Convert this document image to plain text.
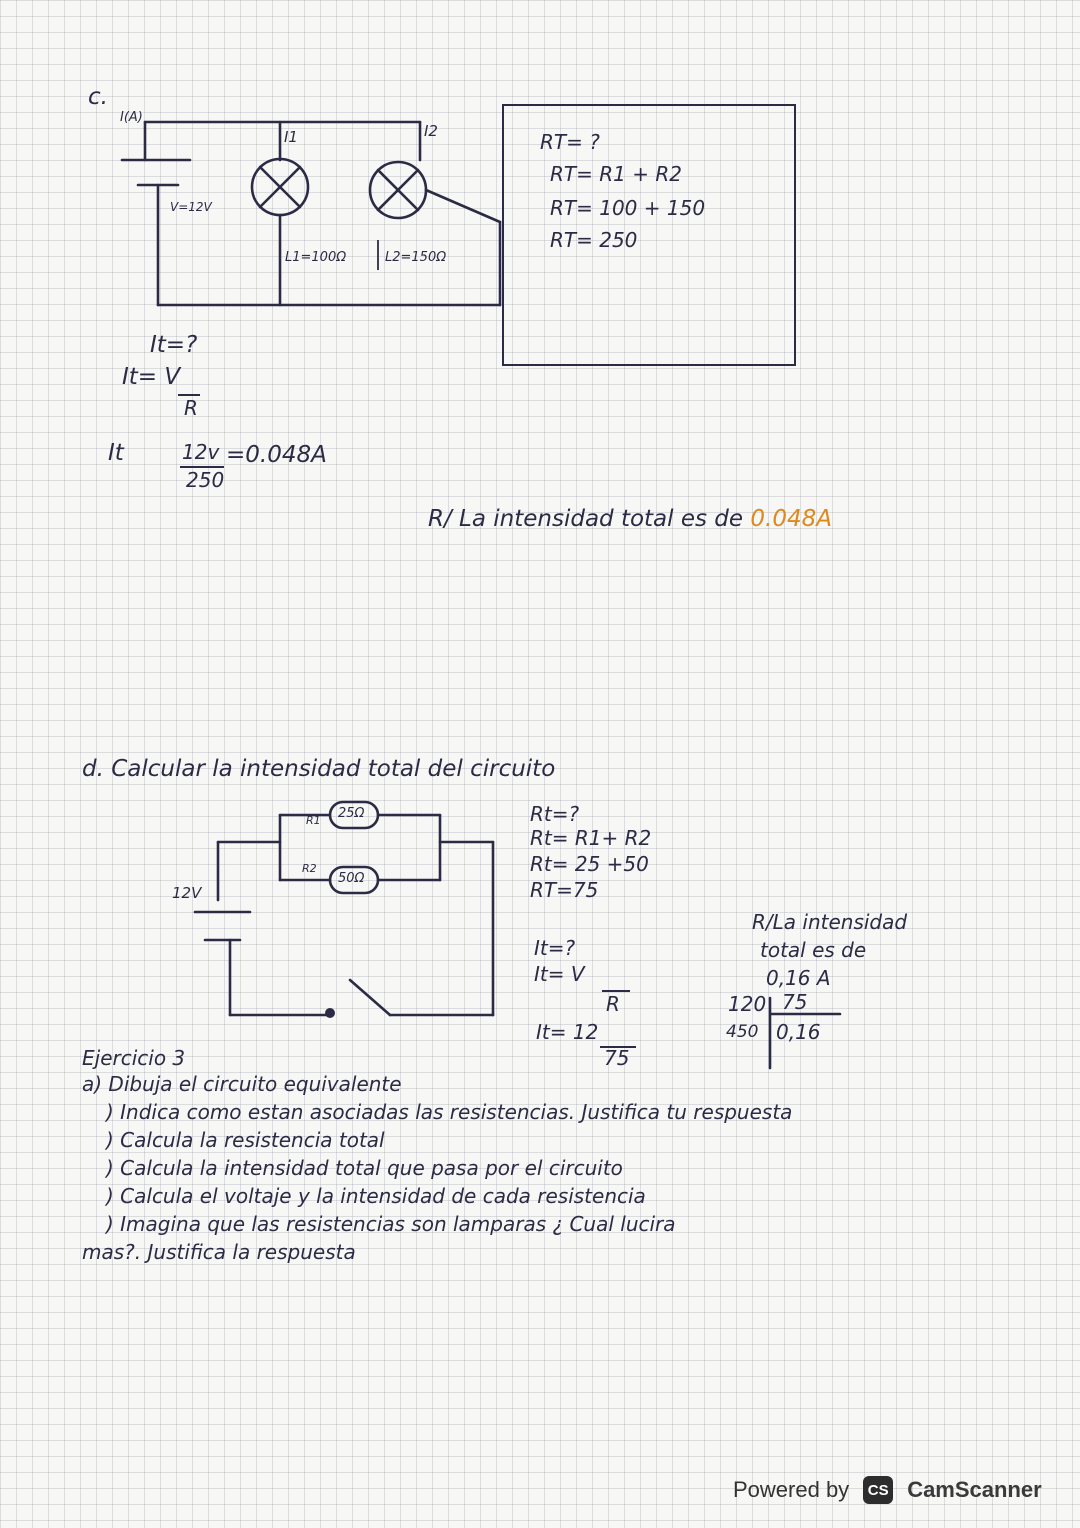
c.
I(A)
I1	I2
V=12V
L1=100Ω	L2=150Ω
RT= ?
RT= R1 + R2
RT= 100 + 150
RT= 250
It=?
It= V
R
It	12v =0.048A
250
R/ La intensidad total es de 0.048A
d. Calcular la intensidad total del circuito
R1 25Ω
R2
50Ω
12V
Rt=?
Rt= R1+ R2
Rt= 25 +50
RT=75
It=?
It= V
R
It= 12
75
R/La intensidad
total es de
0,16 A
120 75
450 0,16
Ejercicio 3
a) Dibuja el circuito equivalente
) Indica como estan asociadas las resistencias. Justifica tu respuesta
) Calcula la resistencia total
) Calcula la intensidad total que pasa por el circuito
) Calcula el voltaje y la intensidad de cada resistencia
) Imagina que las resistencias son lamparas ¿ Cual lucira
mas?. Justifica la respuesta
Powered by	CS CamScanner
